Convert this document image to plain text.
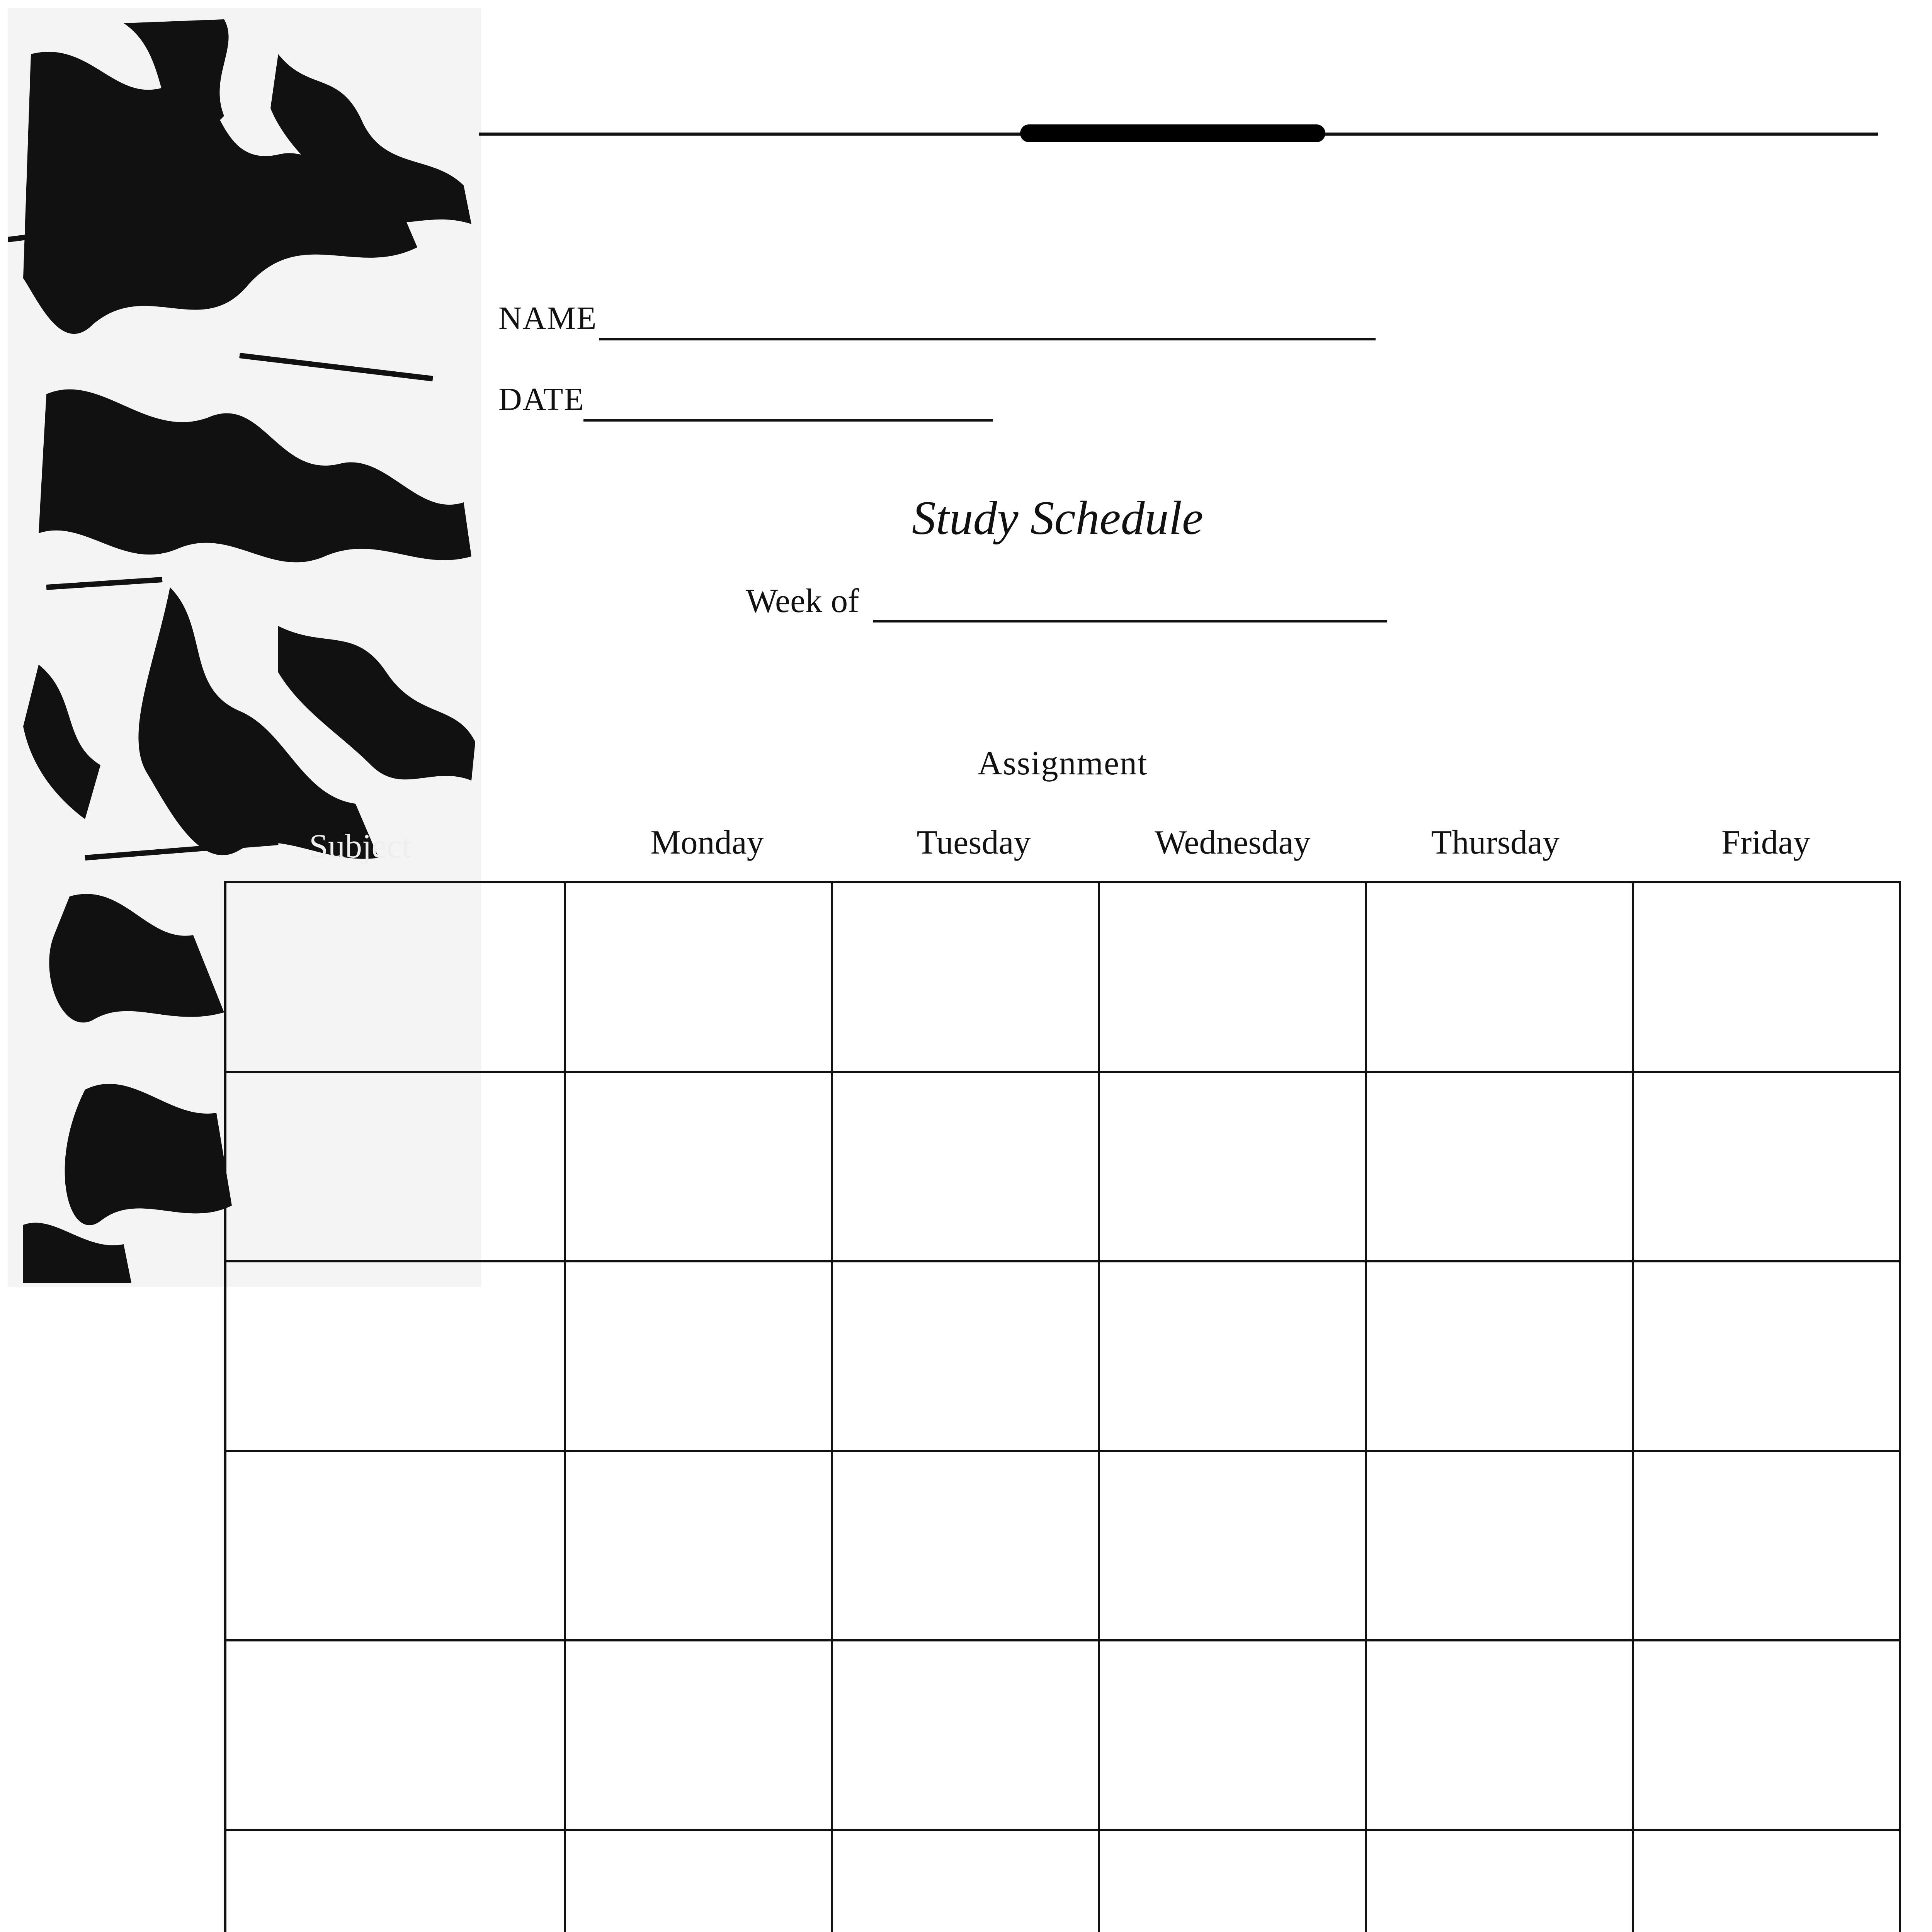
NAME
DATE
Study Schedule
Week of
Assignment
Subject	Monday	Tuesday	Wednesday	Thursday	Friday
